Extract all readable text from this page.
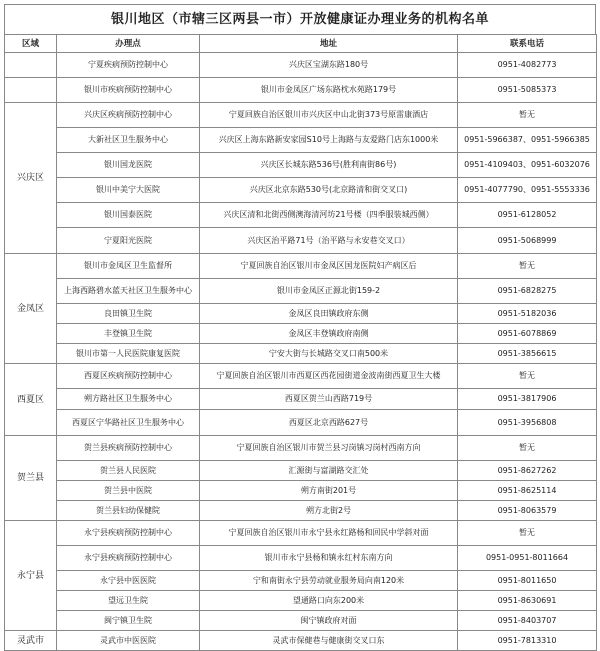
银川地区（市辖三区两县一市）开放健康证办理业务的机构名单
区域	办理点	地址	联系电话
	宁夏疾病预防控制中心	兴庆区宝湖东路180号	0951-4082773
	银川市疾病预防控制中心	银川市金凤区广场东路枕水苑路179号	0951-5085373
兴庆区	兴庆区疾病预防控制中心	宁夏回族自治区银川市兴庆区中山北街373号原雷康酒店	暂无
	大新社区卫生服务中心	兴庆区上海东路新安家园S10号上海路与友爱路门店东1000米	0951-5966387、0951-5966385
	银川国龙医院	兴庆区长城东路536号(胜利南街86号)	0951-4109403、0951-6032076
	银川中美宁大医院	兴庆区北京东路530号(北京路清和街交叉口)	0951-4077790、0951-5553336
	银川国泰医院	兴庆区清和北街西侧澳海清河坊21号楼（四季服装城西侧）	0951-6128052
	宁夏阳光医院	兴庆区治平路71号（治平路与永安巷交叉口）	0951-5068999
金凤区	银川市金凤区卫生监督所	宁夏回族自治区银川市金凤区国龙医院妇产病区后	暂无
	上海西路碧水蓝天社区卫生服务中心	银川市金凤区正源北街159-2	0951-6828275
	良田镇卫生院	金凤区良田镇政府东侧	0951-5182036
	丰登镇卫生院	金凤区丰登镇政府南侧	0951-6078869
	银川市第一人民医院康复医院	宁安大街与长城路交叉口南500米	0951-3856615
西夏区	西夏区疾病预防控制中心	宁夏回族自治区银川市西夏区西花园街道金波南街西夏卫生大楼	暂无
	朔方路社区卫生服务中心	西夏区贺兰山西路719号	0951-3817906
	西夏区宁华路社区卫生服务中心	西夏区北京西路627号	0951-3956808
贺兰县	贺兰县疾病预防控制中心	宁夏回族自治区银川市贺兰县习岗镇习岗村西南方向	暂无
	贺兰县人民医院	汇源街与富湖路交汇处	0951-8627262
	贺兰县中医院	朔方南街201号	0951-8625114
	贺兰县妇幼保健院	朔方北街2号	0951-8063579
永宁县	永宁县疾病预防控制中心	宁夏回族自治区银川市永宁县永红路杨和回民中学斜对面	暂无
	永宁县疾病预防控制中心	银川市永宁县杨和镇永红村东南方向	0951-0951-8011664
	永宁县中医医院	宁和南街永宁县劳动就业服务局向南120米	0951-8011650
	望远卫生院	望通路口向东200米	0951-8630691
	闽宁镇卫生院	闽宁镇政府对面	0951-8403707
灵武市	灵武市中医医院	灵武市保健巷与健康街交叉口东	0951-7813310
